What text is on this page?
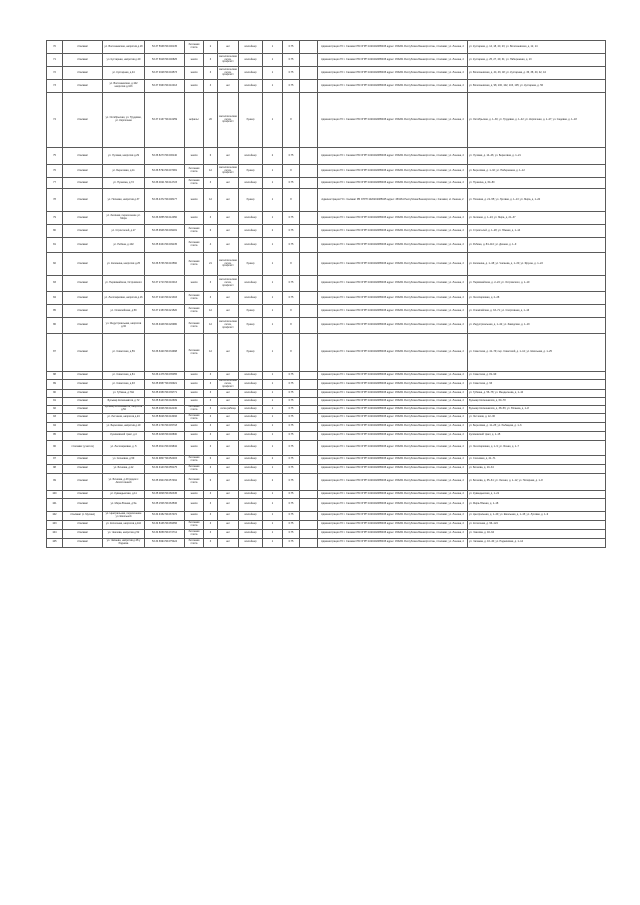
70	г.Салават	ул. Волочаевская, напротив д.18	53.37 5938 56.000135	бетонная плита	2	нет	контейнер	1	0.75		Администрация ГО г. Салават РБ ОГРН 1020202085045 адрес: 453261 Республика Башкортостан, г.Салават, ул. Ленина, 2	ул. Кустарная, д. 14, 18, 20, 23; ул. Волочаевская, д. 12, 14
71	г.Салават	ул. Кустарная, напротив д.29	53.37 6918 56.000825	земля	3	металлическая сетка, профлист	контейнер	1	0.75		Администрация ГО г. Салават РБ ОГРН 1020202085045 адрес: 453261 Республика Башкортостан, г.Салават, ул. Ленина, 2	ул. Кустарная, д. 25, 27, 29, 31; ул. Набережная, д. 13
72	г.Салават	ул. Кустарная, д.44	53.37 4628 56.004573	земля	3	металлическая сетка, профлист	контейнер	1	0.75		Администрация ГО г. Салават РБ ОГРН 1020202085045 адрес: 453261 Республика Башкортостан, г.Салават, ул. Ленина, 2	ул. Волочаевская, д. 44, 46, 48; ул. Кустарная, д. 36, 38, 40, 42, 44
73	г.Салават	ул. Волочаевская, д.102 напротив д.103	53.37 3963 56.010013	земля	3	нет	контейнер	1	0.75		Администрация ГО г. Салават РБ ОГРН 1020202085045 адрес: 453261 Республика Башкортостан, г.Салават, ул. Ленина, 2	ул. Волочаевская, д. 98, 100, 102, 103, 105; ул. Кустарная, д. 56
74	г.Салават	ул. Октябрьская, ул. Трудовая, ул. Кирпичная	53.37 0137 56.010259	асфальт	20	металлическая сетка, профлист	бункер	1	8		Администрация ГО г. Салават РБ ОГРН 1020202085045 адрес: 453261 Республика Башкортостан, г.Салават, ул. Ленина, 2	ул. Октябрьская, д. 1–30; ул. Трудовая, д. 1–42; ул. Кирпичная, д. 1–27; ул. Садовая, д. 1–18
75	г.Салават	ул. Луговая, напротив д.29	53.36 8273 56.006140	земля	6	нет	контейнер	2	0.75		Администрация ГО г. Салават РБ ОГРН 1020202085045 адрес: 453261 Республика Башкортостан, г.Салават, ул. Ленина, 2	ул. Луговая, д. 14–46; ул. Береговая, д. 1–21
76	г.Салават	ул. Береговая, д.11	53.36 5794 56.007081	бетонная плита	12	металлическая сетка, профлист	бункер	1	8		Администрация ГО г. Салават РБ ОГРН 1020202085045 адрес: 453261 Республика Башкортостан, г.Салават, ул. Ленина, 2	ул. Береговая, д. 1–32; ул. Набережная, д. 1–12
77	г.Салават	ул. Пушкина, д.72	53.36 0021 56.012723	бетонная плита	3	нет	контейнер	1	0.75		Администрация ГО г. Салават РБ ОГРН 1020202085045 адрес: 453261 Республика Башкортостан, г.Салават, ул. Ленина, 2	ул. Пушкина, д. 64–80
78	г.Салават	ул. Полевая, напротив д.37	53.36 4372 56.008177	земля	12	нет	бункер	1	8		Администрация ГО г. Салават РБ ОГРН 1020202085045 адрес: 453261 Республика Башкортостан, г.Салават, ul. Ленина, 2	ул. Полевая, д. 21–55; ул. Луговая, д. 1–13; ул. Мира, д. 1–20
79	г.Салават	ул. Зелёная, пересечение ул. Мира	53.36 3855 56.012050	земля	3	нет	контейнер	1	0.75		Администрация ГО г. Салават РБ ОГРН 1020202085045 адрес: 453261 Республика Башкортостан, г.Салават, ул. Ленина, 2	ул. Зелёная, д. 1–24; ул. Мира, д. 21–37
80	г.Салават	ул. Строителей, д.17	53.35 9946 56.009181	бетонная плита	6	нет	контейнер	2	0.75		Администрация ГО г. Салават РБ ОГРН 1020202085045 адрес: 453261 Республика Башкортостан, г.Салават, ул. Ленина, 2	ул. Строителей, д. 1–28; ул. Южная, д. 1–14
81	г.Салават	ул. Ребина, д.102	53.35 9434 56.009135	бетонная плита	4	нет	контейнер	1	0.75		Администрация ГО г. Салават РБ ОГРН 1020202085045 адрес: 453261 Республика Башкортостан, г.Салават, ул. Ленина, 2	ул. Ребина, д. 84–110; ул. Дачная, д. 1–9
82	г.Салават	ул. Калинина, напротив д.25	53.36 5736 56.016560	бетонная плита	21	металлическая сетка, профлист	бункер	1	8		Администрация ГО г. Салават РБ ОГРН 1020202085045 адрес: 453261 Республика Башкортостан, г.Салават, ул. Ленина, 2	ул. Калинина, д. 1–48; ул. Чапаева, д. 1–30; ул. Фрунзе, д. 1–22
83	г.Салават	ул. Первомайская, Островского	53.37 2713 56.016013	земля	3	металлическая сетка, профлист	контейнер	1	0.75		Администрация ГО г. Салават РБ ОГРН 1020202085045 адрес: 453261 Республика Башкортостан, г.Салават, ул. Ленина, 2	ул. Первомайская, д. 2–24; ул. Островского, д. 1–19
84	г.Салават	ул. Лесопарковая, напротив д.16	53.37 0123 56.021303	бетонная плита	3	нет	контейнер	1	0.75		Администрация ГО г. Салават РБ ОГРН 1020202085045 адрес: 453261 Республика Башкортостан, г.Салават, ул. Ленина, 2	ул. Лесопарковая, д. 2–28
85	г.Салават	ул. Олимпийская, д.59	53.37 2153 56.021520	бетонная плита	12	нет	бункер	1	8		Администрация ГО г. Салават РБ ОГРН 1020202085045 адрес: 453261 Республика Башкортостан, г.Салават, ул. Ленина, 2	ул. Олимпийская, д. 33–71; ул. Спортивная, д. 1–16
86	г.Салават	ул. Индустриальная, напротив д.30	53.36 9448 56.026980	бетонная плита	12	металлическая сетка, профлист	бункер	1	8		Администрация ГО г. Салават РБ ОГРН 1020202085045 адрес: 453261 Республика Башкортостан, г.Салават, ул. Ленина, 2	ул. Индустриальная, д. 1–42; ул. Заводская, д. 1–19
87	г.Салават	ул. Советская, д.59	53.36 6420 56.034998	бетонная плита	12	нет	бункер	1	8		Администрация ГО г. Салават РБ ОГРН 1020202085045 адрес: 453261 Республика Башкортостан, г.Салават, ул. Ленина, 2	ул. Советская, д. 41–79; пер. Советский, д. 1–12; ул. Школьная, д. 1–25
88	г.Салават	ул. Советская, д.81	53.36 1476 56.035055	земля	3	нет	контейнер	1	0.75		Администрация ГО г. Салават РБ ОГРН 1020202085045 адрес: 453261 Республика Башкортостан, г.Салават, ул. Ленина, 2	ул. Советская, д. 81–99
89	г.Салават	ул. Советская, д.93	53.35 9957 56.036921	земля	3	металлическая сетка, профлист	контейнер	1	0.75		Администрация ГО г. Салават РБ ОГРН 1020202085045 адрес: 453261 Республика Башкортостан, г.Салават, ул. Ленина, 2	ул. Советская, д. 93
90	г.Салават	ул. Губкина, д.70А	53.35 4950 56.039771	земля	3	нет	контейнер	1	0.75		Администрация ГО г. Салават РБ ОГРН 1020202085045 адрес: 453261 Республика Башкортостан, г.Салават, ул. Ленина, 2	ул. Губкина, д. 56–78; ул. Менделеева, д. 1–10
91	г.Салават	Бульвар Космонавтов, д.72	53.35 8143 56.042609	земля	3	нет	контейнер	1	0.75		Администрация ГО г. Салават РБ ОГРН 1020202085045 адрес: 453261 Республика Башкортостан, г.Салават, ул. Ленина, 2	Бульвар Космонавтов, д. 60–78
92	г.Салават	Бульвар Космонавтов, напротив д.50	53.35 4606 56.042130	бетонная плита	3	сетка рабица	контейнер	1	0.75		Администрация ГО г. Салават РБ ОГРН 1020202085045 адрес: 453261 Республика Башкортостан, г.Салават, ул. Ленина, 2	Бульвар Космонавтов, д. 38–56; ул. Юлаева, д. 1–8
93	г.Салават	ул. Летчиков, напротив д.24	53.35 8026 56.043466	бетонная плита	3	нет	контейнер	1	0.75		Администрация ГО г. Салават РБ ОГРН 1020202085045 адрес: 453261 Республика Башкортостан, г.Салават, ул. Ленина, 2	ул. Летчиков, д. 12–36
94	г.Салават	ул. Береговая, напротив д.19	53.35 1730 56.045718	земля	3	нет	контейнер	1	0.75		Администрация ГО г. Салават РБ ОГРН 1020202085045 адрес: 453261 Республика Башкортостан, г.Салават, ул. Ленина, 2	ул. Береговая, д. 11–25; ул. Рыбацкая, д. 1–6
95	г.Салават	Кусимовский тракт, д.4	53.35 0228 56.046830	земля	3	нет	контейнер	1	0.75		Администрация ГО г. Салават РБ ОГРН 1020202085045 адрес: 453261 Республика Башкортостан, г.Салават, ул. Ленина, 2	Кусимовский тракт, д. 1–15
96	г.Салават (участок)	ул. Лесопарковая, д. 5	53.35 0614 56.049842	земля	3	нет	контейнер	1	0.75		Администрация ГО г. Салават РБ ОГРН 1020202085045 адрес: 453261 Республика Башкортостан, г.Салават, ул. Ленина, 2	ул. Лесопарковая, д. 1–9; ул. Ясная, д. 1–7
97	г.Салават	ул. Сосновая, д.59	53.34 9807 56.052015	бетонная плита	6	нет	контейнер	2	0.75		Администрация ГО г. Салават РБ ОГРН 1020202085045 адрес: 453261 Республика Башкортостан, г.Салават, ул. Ленина, 2	ул. Сосновая, д. 41–71
98	г.Салават	ул. Бочкова, д.22	53.34 9143 56.055175	бетонная плита	3	нет	контейнер	1	0.75		Администрация ГО г. Салават РБ ОГРН 1020202085045 адрес: 453261 Республика Башкортостан, г.Салават, ул. Ленина, 2	ул. Бочкова, д. 10–34
99	г.Салават	ул. Бочкова, д.49 рядом с Автостоянкой	53.35 0904 56.057462	бетонная плита	6	нет	контейнер	2	0.75		Администрация ГО г. Салават РБ ОГРН 1020202085045 адрес: 453261 Республика Башкортостан, г.Салават, ул. Ленина, 2	ул. Бочкова, д. 35–61; ул. Лесная, д. 1–12; ул. Полярная, д. 1–8
100	г.Салават	ул. Кувандыкская, д.11	53.35 0828 56.060345	земля	3	нет	контейнер	1	0.75		Администрация ГО г. Салават РБ ОГРН 1020202085045 адрес: 453261 Республика Башкортостан, г.Салават, ул. Ленина, 2	ул. Кувандыкская, д. 1–21
101	г.Салават	ул. Мира-Южная, д.5а	53.35 1506 56.063536	земля	3	нет	контейнер	1	0.75		Администрация ГО г. Салават РБ ОГРН 1020202085045 адрес: 453261 Республика Башкортостан, г.Салават, ул. Ленина, 2	ул. Мира-Южная, д. 1–18
102	г.Салават (с. Мусино)	ул. Центральная, пересечение ул. Школьной	53.34 9152 56.067072	земля	3	нет	контейнер	1	0.75		Администрация ГО г. Салават РБ ОГРН 1020202085045 адрес: 453261 Республика Башкортостан, г.Салават, ул. Ленина, 2	ул. Центральная, д. 1–40; ул. Школьная, д. 1–15; ул. Луговая, д. 1–9
103	г.Салават	ул. Колхозная, напротив д.110	53.34 8136 56.069356	бетонная плита	3	нет	контейнер	1	0.75		Администрация ГО г. Салават РБ ОГРН 1020202085045 адрес: 453261 Республика Башкортостан, г.Салават, ул. Ленина, 2	ул. Колхозная, д. 96–124
104	г.Салават	ул. Чкалова, напротив д.52	53.34 8059 56.072712	бетонная плита	3	нет	контейнер	1	0.75		Администрация ГО г. Салават РБ ОГРН 1020202085045 адрес: 453261 Республика Башкортостан, г.Салават, ул. Ленина, 2	ул. Чкалова, д. 40–64
105	г.Салават	ул. Чапаева, напротив д.28 у Родника	53.34 6994 56.075424	бетонная плита	3	нет	контейнер	1	0.75		Администрация ГО г. Салават РБ ОГРН 1020202085045 адрес: 453261 Республика Башкортостан, г.Салават, ул. Ленина, 2	ул. Чапаева, д. 16–40; ул. Родниковая, д. 1–14
